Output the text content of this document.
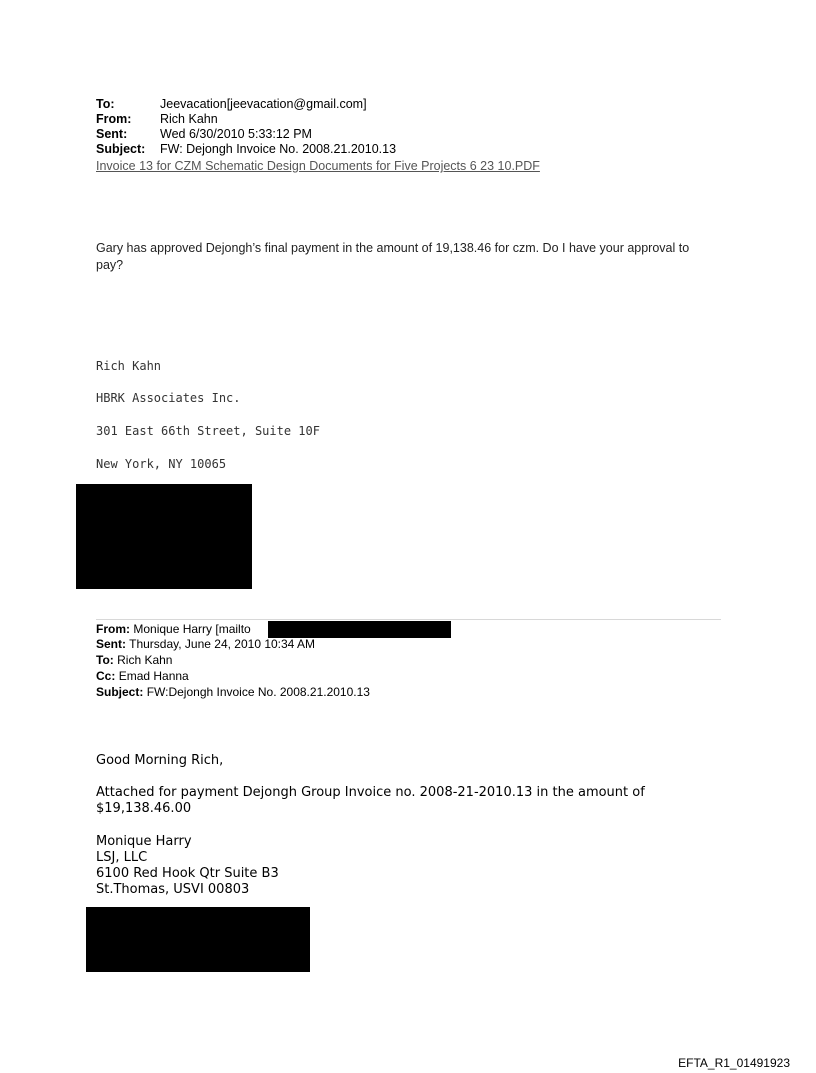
To:	Jeevacation[jeevacation@gmail.com]
From: Rich Kahn
Sent:	Wed 6/30/2010 5:33:12 PM
Subject: FW: Dejongh Invoice No. 2008.21.2010.13
Invoice 13 for CZM Schematic Design Documents for Five Projects 6 23 10.PDF
Gary has approved Dejongh’s final payment in the amount of 19,138.46 for czm. Do I have your approval to pay?
Rich Kahn
HBRK Associates Inc.
301 East 66th Street, Suite 10F
New York, NY 10065
From: Monique Harry [mailto
Sent: Thursday, June 24, 2010 10:34 AM
To: Rich Kahn
Cc: Emad Hanna
Subject: FW:Dejongh Invoice No. 2008.21.2010.13
Good Morning Rich,
Attached for payment Dejongh Group Invoice no. 2008-21-2010.13 in the amount of $19,138.46.00
Monique Harry
LSJ, LLC
6100 Red Hook Qtr Suite B3
St.Thomas, USVI 00803
EFTA_R1_01491923
